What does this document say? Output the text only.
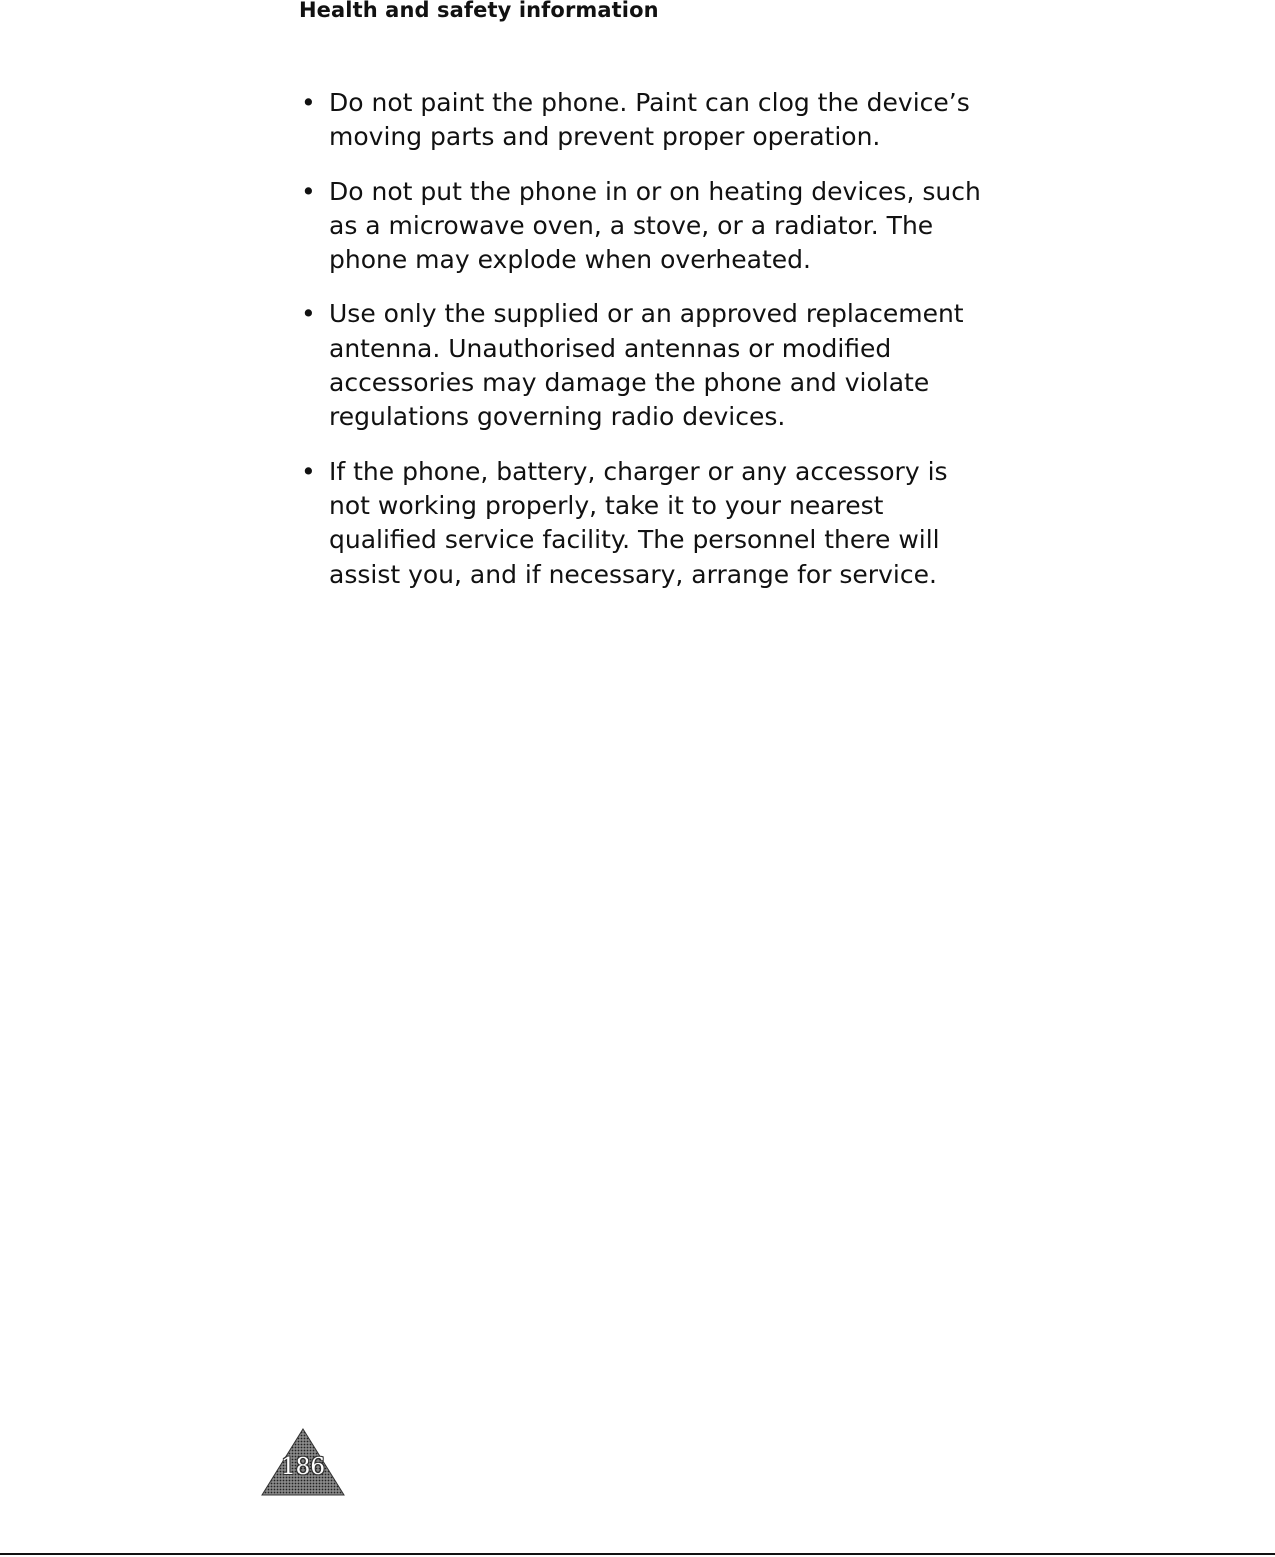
Health and safety information
• Do not paint the phone. Paint can clog the device’s moving parts and prevent proper operation.
• Do not put the phone in or on heating devices, such as a microwave oven, a stove, or a radiator. The phone may explode when overheated.
• Use only the supplied or an approved replacement antenna. Unauthorised antennas or modified accessories may damage the phone and violate regulations governing radio devices.
• If the phone, battery, charger or any accessory is not working properly, take it to your nearest qualified service facility. The personnel there will assist you, and if necessary, arrange for service.
186
